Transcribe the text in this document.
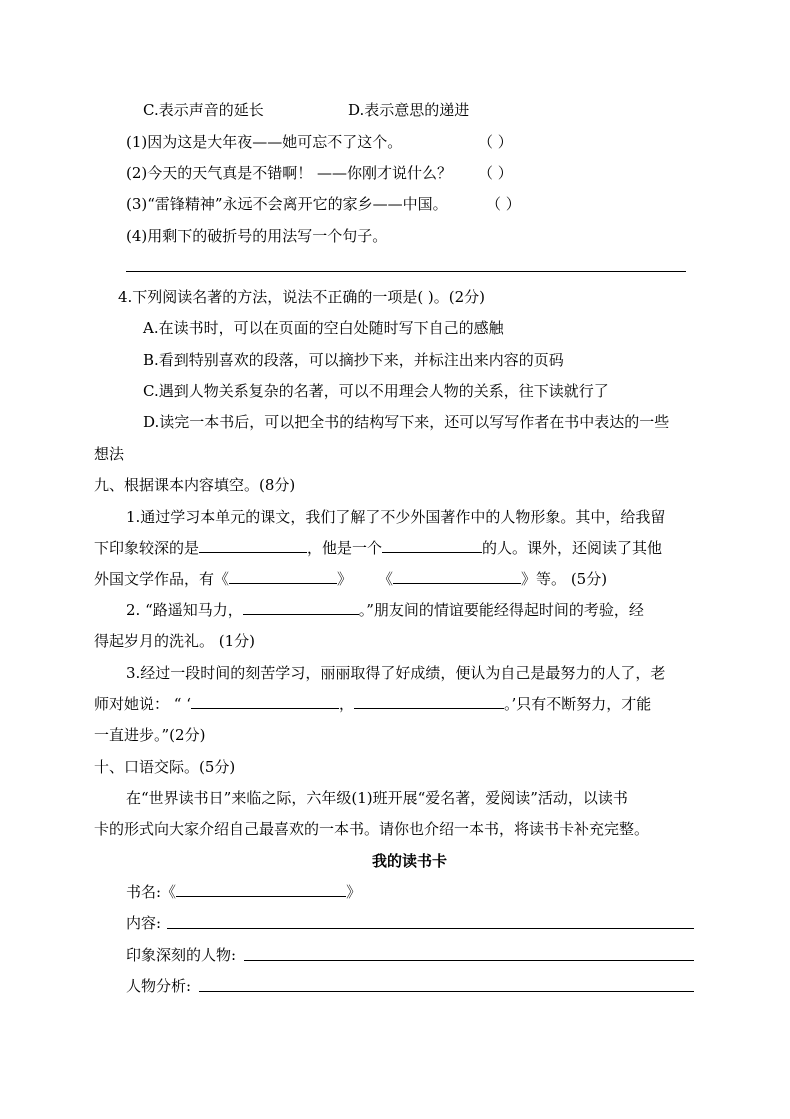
C.表示声音的延长	D.表示意思的递进
(1)因为这是大年夜——她可忘不了这个。	（ ）
(2)今天的天气真是不错啊！ ——你刚才说什么？ （ ）
(3)“雷锋精神”永远不会离开它的家乡——中国。	（ ）
(4)用剩下的破折号的用法写一个句子。
4.下列阅读名著的方法，说法不正确的一项是( )。(2分)
A.在读书时，可以在页面的空白处随时写下自己的感触
B.看到特别喜欢的段落，可以摘抄下来，并标注出来内容的页码
C.遇到人物关系复杂的名著，可以不用理会人物的关系，往下读就行了
D.读完一本书后，可以把全书的结构写下来，还可以写写作者在书中表达的一些
想法
九、根据课本内容填空。(8分)
1.通过学习本单元的课文，我们了解了不少外国著作中的人物形象。其中，给我留
下印象较深的是	，他是一个	的人。课外，还阅读了其他
外国文学作品，有《	》 《	》等。 (5分)
2. “路遥知马力，	。”朋友间的情谊要能经得起时间的考验，经
得起岁月的洗礼。 (1分)
3.经过一段时间的刻苦学习，丽丽取得了好成绩，便认为自己是最努力的人了，老
师对她说： “ ‘	，	。’只有不断努力，才能
一直进步。”(2分)
十、口语交际。(5分)
在“世界读书日”来临之际，六年级(1)班开展“爱名著，爱阅读”活动，以读书
卡的形式向大家介绍自己最喜欢的一本书。请你也介绍一本书，将读书卡补充完整。
我的读书卡
书名:《	》
内容:
印象深刻的人物:
人物分析:
